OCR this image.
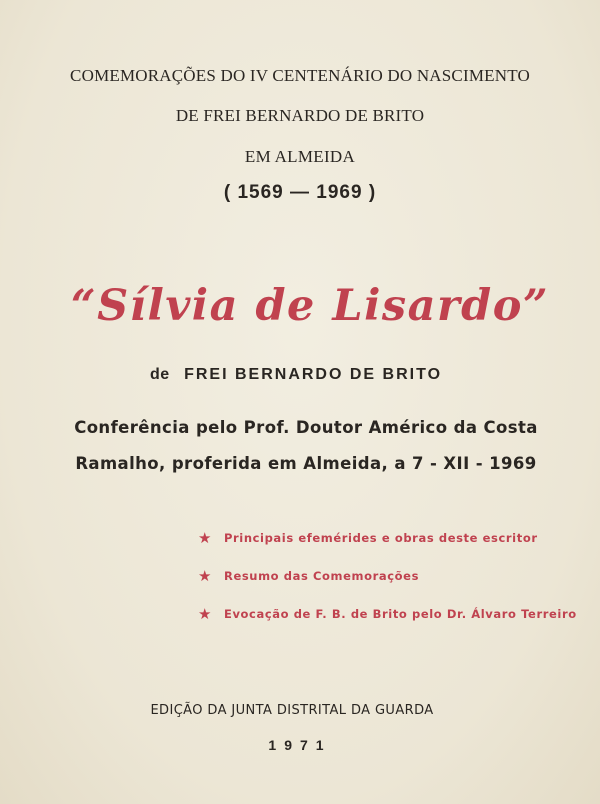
COMEMORAÇÕES DO IV CENTENÁRIO DO NASCIMENTO
DE FREI BERNARDO DE BRITO
EM ALMEIDA
( 1569 — 1969 )
“Sílvia de Lisardo”
de FREI BERNARDO DE BRITO
Conferência pelo Prof. Doutor Américo da Costa
Ramalho, proferida em Almeida, a 7 - XII - 1969
★ Principais efemérides e obras deste escritor
★ Resumo das Comemorações
★ Evocação de F. B. de Brito pelo Dr. Álvaro Terreiro
EDIÇÃO DA JUNTA DISTRITAL DA GUARDA
1971
